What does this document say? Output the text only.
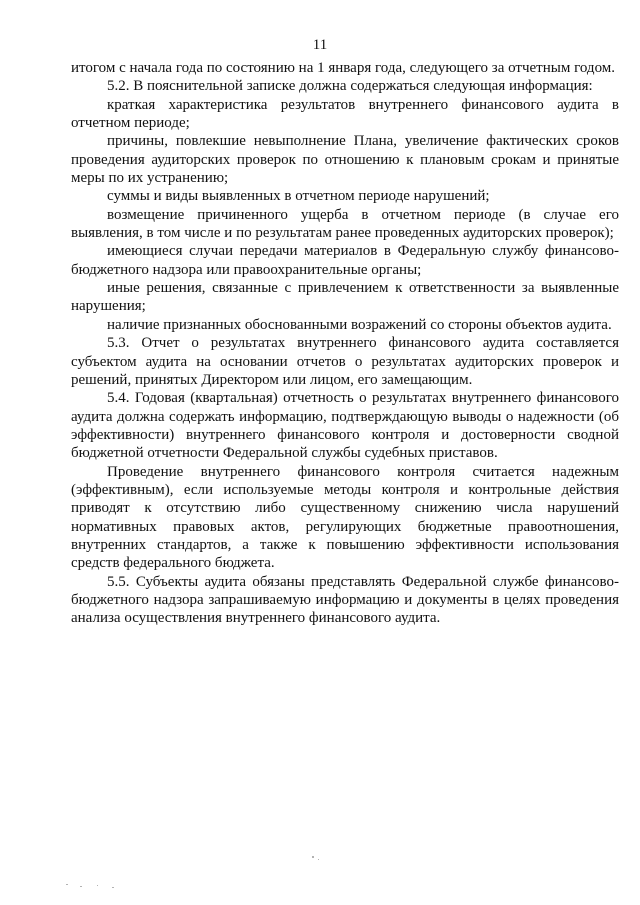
11

итогом с начала года по состоянию на 1 января года, следующего за отчетным годом.

5.2. В пояснительной записке должна содержаться следующая информация:

краткая характеристика результатов внутреннего финансового аудита в отчетном периоде;

причины, повлекшие невыполнение Плана, увеличение фактических сроков проведения аудиторских проверок по отношению к плановым срокам и принятые меры по их устранению;

суммы и виды выявленных в отчетном периоде нарушений;

возмещение причиненного ущерба в отчетном периоде (в случае его выявления, в том числе и по результатам ранее проведенных аудиторских проверок);

имеющиеся случаи передачи материалов в Федеральную службу финансово-бюджетного надзора или правоохранительные органы;

иные решения, связанные с привлечением к ответственности за выявленные нарушения;

наличие признанных обоснованными возражений со стороны объектов аудита.

5.3. Отчет о результатах внутреннего финансового аудита составляется субъектом аудита на основании отчетов о результатах аудиторских проверок и решений, принятых Директором или лицом, его замещающим.

5.4. Годовая (квартальная) отчетность о результатах внутреннего финансового аудита должна содержать информацию, подтверждающую выводы о надежности (об эффективности) внутреннего финансового контроля и достоверности сводной бюджетной отчетности Федеральной службы судебных приставов.

Проведение внутреннего финансового контроля считается надежным (эффективным), если используемые методы контроля и контрольные действия приводят к отсутствию либо существенному снижению числа нарушений нормативных правовых актов, регулирующих бюджетные правоотношения, внутренних стандартов, а также к повышению эффективности использования средств федерального бюджета.

5.5. Субъекты аудита обязаны представлять Федеральной службе финансово-бюджетного надзора запрашиваемую информацию и документы в целях проведения анализа осуществления внутреннего финансового аудита.
